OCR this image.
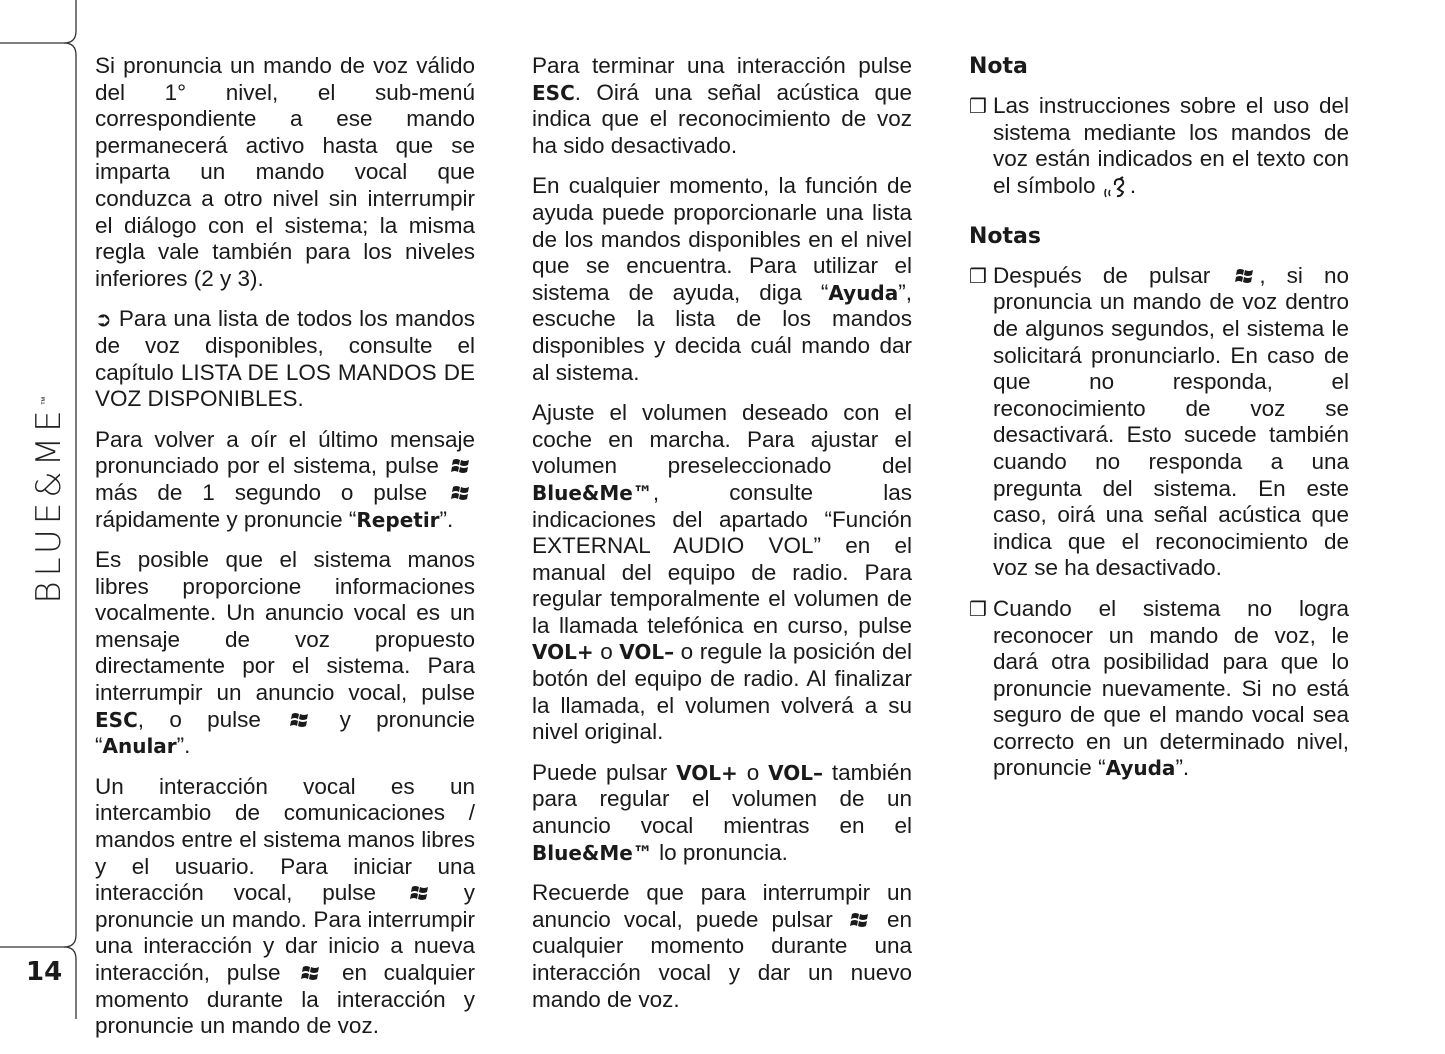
BLUE&ME™
14

Si pronuncia un mando de voz válido del 1° nivel, el sub-menú correspondiente a ese mando permanecerá activo hasta que se imparta un mando vocal que conduzca a otro nivel sin interrumpir el diálogo con el sistema; la misma regla vale también para los niveles inferiores (2 y 3).

➲ Para una lista de todos los mandos de voz disponibles, consulte el capítulo LISTA DE LOS MANDOS DE VOZ DISPONIBLES.

Para volver a oír el último mensaje pronunciado por el sistema, pulse  más de 1 segundo o pulse  rápidamente y pronuncie “Repetir”.

Es posible que el sistema manos libres proporcione informaciones vocalmente. Un anuncio vocal es un mensaje de voz propuesto directamente por el sistema. Para interrumpir un anuncio vocal, pulse ESC, o pulse	y pronuncie “Anular”.

Un interacción vocal es un intercambio de comunicaciones / mandos entre el sistema manos libres y el usuario. Para iniciar una interacción vocal, pulse	y pronuncie un mando. Para interrumpir una interacción y dar inicio a nueva interacción, pulse	en cualquier momento durante la interacción y pronuncie un mando de voz.

Para terminar una interacción pulse ESC. Oirá una señal acústica que indica que el reconocimiento de voz ha sido desactivado.

En cualquier momento, la función de ayuda puede proporcionarle una lista de los mandos disponibles en el nivel que se encuentra. Para utilizar el sistema de ayuda, diga “Ayuda”, escuche la lista de los mandos disponibles y decida cuál mando dar al sistema.

Ajuste el volumen deseado con el coche en marcha. Para ajustar el volumen preseleccionado del Blue&Me™, consulte las indicaciones del apartado “Función EXTERNAL AUDIO VOL” en el manual del equipo de radio. Para regular temporalmente el volumen de la llamada telefónica en curso, pulse VOL+ o VOL– o regule la posición del botón del equipo de radio. Al finalizar la llamada, el volumen volverá a su nivel original.

Puede pulsar VOL+ o VOL– también para regular el volumen de un anuncio vocal mientras en el Blue&Me™ lo pronuncia.

Recuerde que para interrumpir un anuncio vocal, puede pulsar en cualquier momento durante una interacción vocal y dar un nuevo mando de voz.

Nota
❒ Las instrucciones sobre el uso del sistema mediante los mandos de voz están indicados en el texto con el símbolo .
Notas
❒ Después de pulsar , si no pronuncia un mando de voz dentro de algunos segundos, el sistema le solicitará pronunciarlo. En caso de que no responda, el reconocimiento de voz se desactivará. Esto sucede también cuando no responda a una pregunta del sistema. En este caso, oirá una señal acústica que indica que el reconocimiento de voz se ha desactivado.
❒ Cuando el sistema no logra reconocer un mando de voz, le dará otra posibilidad para que lo pronuncie nuevamente. Si no está seguro de que el mando vocal sea correcto en un determinado nivel, pronuncie “Ayuda”.
